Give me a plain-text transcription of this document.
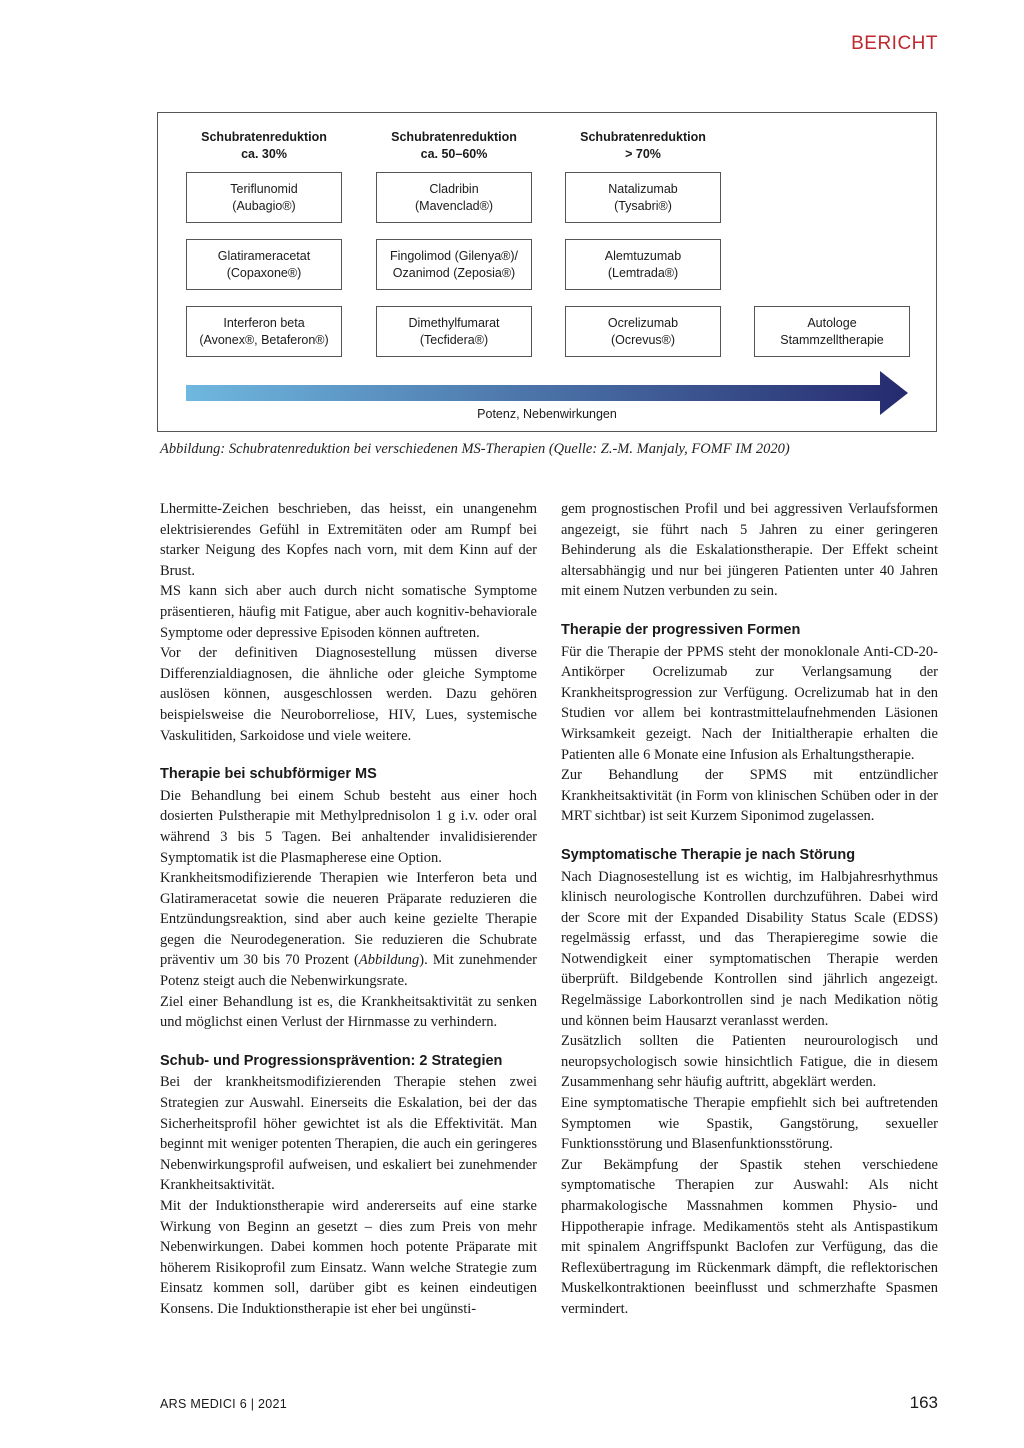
BERICHT
Schubratenreduktion
ca. 30%
Schubratenreduktion
ca. 50–60%
Schubratenreduktion
> 70%
Teriflunomid
(Aubagio®)
Glatirameracetat
(Copaxone®)
Interferon beta
(Avonex®, Betaferon®)
Cladribin
(Mavenclad®)
Fingolimod (Gilenya®)/
Ozanimod (Zeposia®)
Dimethylfumarat
(Tecfidera®)
Natalizumab
(Tysabri®)
Alemtuzumab
(Lemtrada®)
Ocrelizumab
(Ocrevus®)
Autologe
Stammzelltherapie
Potenz, Nebenwirkungen
Abbildung: Schubratenreduktion bei verschiedenen MS-Therapien (Quelle: Z.-M. Manjaly, FOMF IM 2020)

Lhermitte-Zeichen beschrieben, das heisst, ein unangenehm elektrisierendes Gefühl in Extremitäten oder am Rumpf bei starker Neigung des Kopfes nach vorn, mit dem Kinn auf der Brust.

MS kann sich aber auch durch nicht somatische Symptome präsentieren, häufig mit Fatigue, aber auch kognitiv-behaviorale Symptome oder depressive Episoden können auftreten.

Vor der definitiven Diagnosestellung müssen diverse Differenzialdiagnosen, die ähnliche oder gleiche Symptome auslösen können, ausgeschlossen werden. Dazu gehören beispielsweise die Neuroborreliose, HIV, Lues, systemische Vaskulitiden, Sarkoidose und viele weitere.

Therapie bei schubförmiger MS

Die Behandlung bei einem Schub besteht aus einer hoch dosierten Pulstherapie mit Methylprednisolon 1 g i.v. oder oral während 3 bis 5 Tagen. Bei anhaltender invalidisierender Symptomatik ist die Plasmapherese eine Option.

Krankheitsmodifizierende Therapien wie Interferon beta und Glatirameracetat sowie die neueren Präparate reduzieren die Entzündungsreaktion, sind aber auch keine gezielte Therapie gegen die Neurodegeneration. Sie reduzieren die Schubrate präventiv um 30 bis 70 Prozent (Abbildung). Mit zunehmender Potenz steigt auch die Nebenwirkungsrate.

Ziel einer Behandlung ist es, die Krankheitsaktivität zu senken und möglichst einen Verlust der Hirnmasse zu verhindern.

Schub- und Progressionsprävention: 2 Strategien

Bei der krankheitsmodifizierenden Therapie stehen zwei Strategien zur Auswahl. Einerseits die Eskalation, bei der das Sicherheitsprofil höher gewichtet ist als die Effektivität. Man beginnt mit weniger potenten Therapien, die auch ein geringeres Nebenwirkungsprofil aufweisen, und eskaliert bei zunehmender Krankheitsaktivität.

Mit der Induktionstherapie wird andererseits auf eine starke Wirkung von Beginn an gesetzt – dies zum Preis von mehr Nebenwirkungen. Dabei kommen hoch potente Präparate mit höherem Risikoprofil zum Einsatz. Wann welche Strategie zum Einsatz kommen soll, darüber gibt es keinen eindeutigen Konsens. Die Induktionstherapie ist eher bei ungünsti-

gem prognostischen Profil und bei aggressiven Verlaufsformen angezeigt, sie führt nach 5 Jahren zu einer geringeren Behinderung als die Eskalationstherapie. Der Effekt scheint altersabhängig und nur bei jüngeren Patienten unter 40 Jahren mit einem Nutzen verbunden zu sein.

Therapie der progressiven Formen

Für die Therapie der PPMS steht der monoklonale Anti-CD-20-Antikörper Ocrelizumab zur Verlangsamung der Krankheitsprogression zur Verfügung. Ocrelizumab hat in den Studien vor allem bei kontrastmittelaufnehmenden Läsionen Wirksamkeit gezeigt. Nach der Initialtherapie erhalten die Patienten alle 6 Monate eine Infusion als Erhaltungstherapie.

Zur Behandlung der SPMS mit entzündlicher Krankheitsaktivität (in Form von klinischen Schüben oder in der MRT sichtbar) ist seit Kurzem Siponimod zugelassen.

Symptomatische Therapie je nach Störung

Nach Diagnosestellung ist es wichtig, im Halbjahresrhythmus klinisch neurologische Kontrollen durchzuführen. Dabei wird der Score mit der Expanded Disability Status Scale (EDSS) regelmässig erfasst, und das Therapieregime sowie die Notwendigkeit einer symptomatischen Therapie werden überprüft. Bildgebende Kontrollen sind jährlich angezeigt. Regelmässige Laborkontrollen sind je nach Medikation nötig und können beim Hausarzt veranlasst werden.

Zusätzlich sollten die Patienten neurourologisch und neuropsychologisch sowie hinsichtlich Fatigue, die in diesem Zusammenhang sehr häufig auftritt, abgeklärt werden.

Eine symptomatische Therapie empfiehlt sich bei auftretenden Symptomen wie Spastik, Gangstörung, sexueller Funktionsstörung und Blasenfunktionsstörung.

Zur Bekämpfung der Spastik stehen verschiedene symptomatische Therapien zur Auswahl: Als nicht pharmakologische Massnahmen kommen Physio- und Hippotherapie infrage. Medikamentös steht als Antispastikum mit spinalem Angriffspunkt Baclofen zur Verfügung, das die Reflexübertragung im Rückenmark dämpft, die reflektorischen Muskelkontraktionen beeinflusst und schmerzhafte Spasmen vermindert.

ARS MEDICI 6 | 2021	163
